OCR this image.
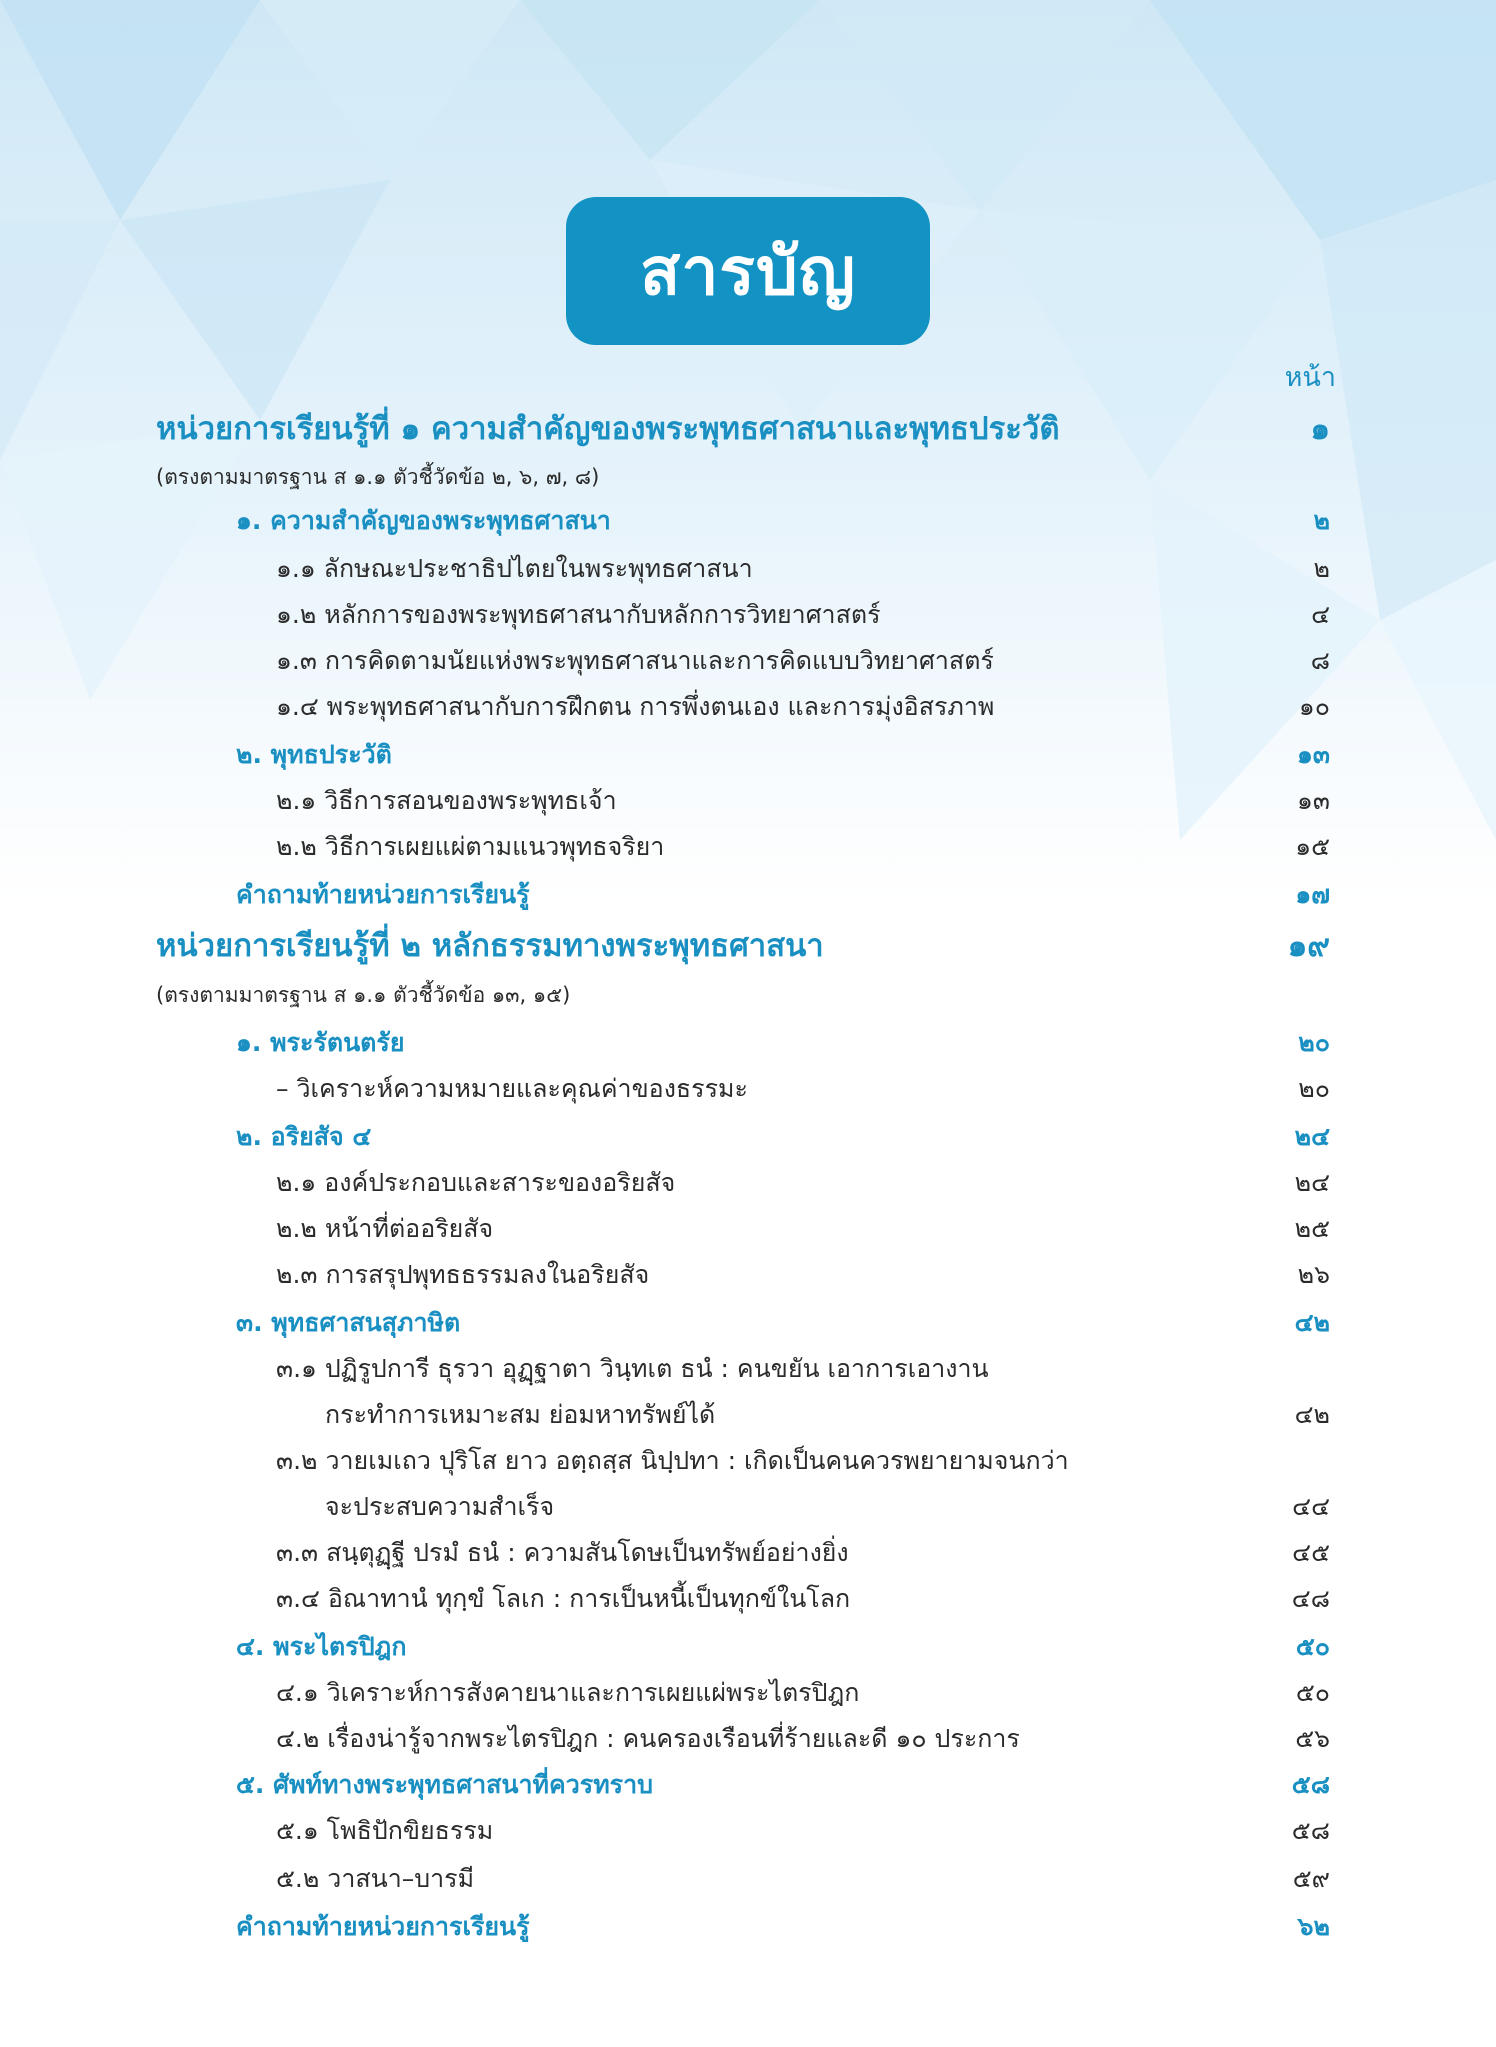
สารบัญ
หน้า
หน่วยการเรียนรู้ที่ ๑ ความสำคัญของพระพุทธศาสนาและพุทธประวัติ	๑
(ตรงตามมาตรฐาน ส ๑.๑ ตัวชี้วัดข้อ ๒, ๖, ๗, ๘)
๑. ความสำคัญของพระพุทธศาสนา	๒
๑.๑ ลักษณะประชาธิปไตยในพระพุทธศาสนา	๒
๑.๒ หลักการของพระพุทธศาสนากับหลักการวิทยาศาสตร์	๔
๑.๓ การคิดตามนัยแห่งพระพุทธศาสนาและการคิดแบบวิทยาศาสตร์	๘
๑.๔ พระพุทธศาสนากับการฝึกตน การพึ่งตนเอง และการมุ่งอิสรภาพ	๑๐
๒. พุทธประวัติ	๑๓
๒.๑ วิธีการสอนของพระพุทธเจ้า	๑๓
๒.๒ วิธีการเผยแผ่ตามแนวพุทธจริยา	๑๕
คำถามท้ายหน่วยการเรียนรู้	๑๗
หน่วยการเรียนรู้ที่ ๒ หลักธรรมทางพระพุทธศาสนา	๑๙
(ตรงตามมาตรฐาน ส ๑.๑ ตัวชี้วัดข้อ ๑๓, ๑๕)
๑. พระรัตนตรัย	๒๐
– วิเคราะห์ความหมายและคุณค่าของธรรมะ	๒๐
๒. อริยสัจ ๔	๒๔
๒.๑ องค์ประกอบและสาระของอริยสัจ	๒๔
๒.๒ หน้าที่ต่ออริยสัจ	๒๕
๒.๓ การสรุปพุทธธรรมลงในอริยสัจ	๒๖
๓. พุทธศาสนสุภาษิต	๔๒
๓.๑ ปฏิรูปการี ธุรวา อุฏฺฐาตา วินฺทเต ธนํ : คนขยัน เอาการเอางาน
กระทำการเหมาะสม ย่อมหาทรัพย์ได้	๔๒
๓.๒ วายเมเถว ปุริโส ยาว อตฺถสฺส นิปฺปทา : เกิดเป็นคนควรพยายามจนกว่า
จะประสบความสำเร็จ	๔๔
๓.๓ สนฺตุฏฺฐี ปรมํ ธนํ : ความสันโดษเป็นทรัพย์อย่างยิ่ง	๔๕
๓.๔ อิณาทานํ ทุกฺขํ โลเก : การเป็นหนี้เป็นทุกข์ในโลก	๔๘
๔. พระไตรปิฎก	๕๐
๔.๑ วิเคราะห์การสังคายนาและการเผยแผ่พระไตรปิฎก	๕๐
๔.๒ เรื่องน่ารู้จากพระไตรปิฎก : คนครองเรือนที่ร้ายและดี ๑๐ ประการ	๕๖
๕. ศัพท์ทางพระพุทธศาสนาที่ควรทราบ	๕๘
๕.๑ โพธิปักขิยธรรม	๕๘
๕.๒ วาสนา–บารมี	๕๙
คำถามท้ายหน่วยการเรียนรู้	๖๒
